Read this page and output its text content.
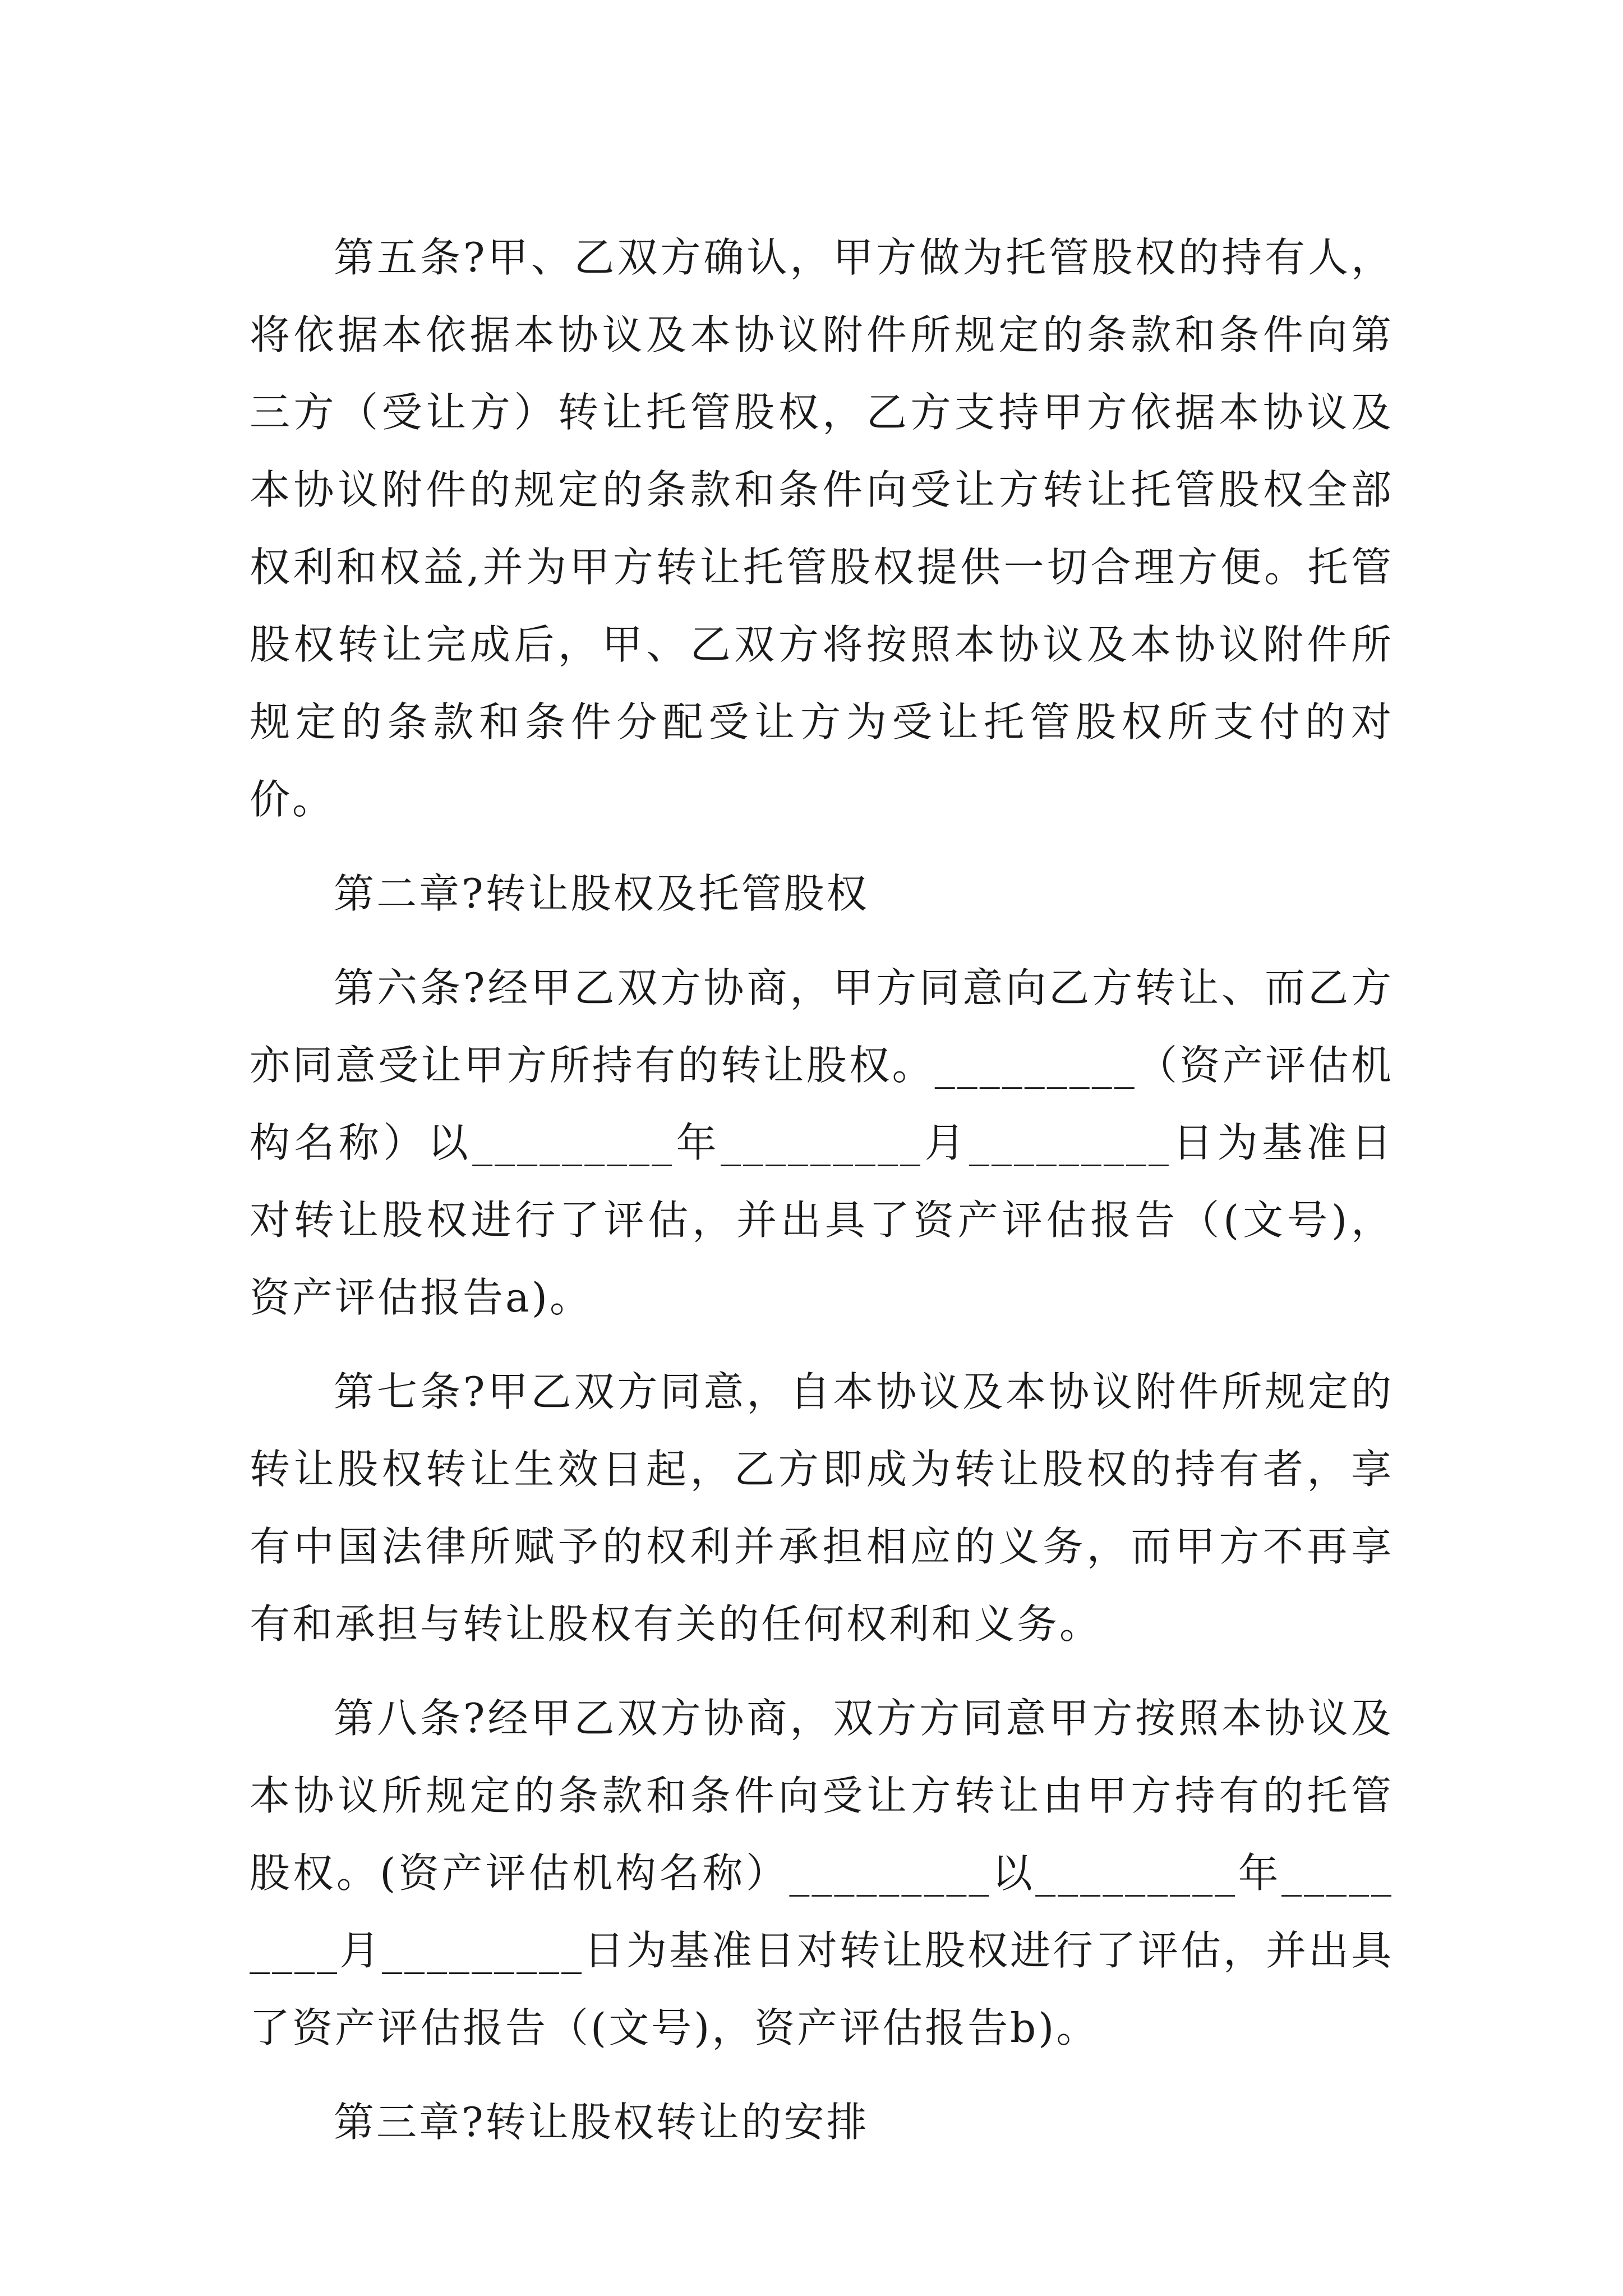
第五条?甲、乙双方确认，甲方做为托管股权的持有人，将依据本依据本协议及本协议附件所规定的条款和条件向第三方（受让方）转让托管股权，乙方支持甲方依据本协议及本协议附件的规定的条款和条件向受让方转让托管股权全部权利和权益,并为甲方转让托管股权提供一切合理方便。托管股权转让完成后，甲、乙双方将按照本协议及本协议附件所规定的条款和条件分配受让方为受让托管股权所支付的对价。

第二章?转让股权及托管股权

第六条?经甲乙双方协商，甲方同意向乙方转让、而乙方亦同意受让甲方所持有的转让股权。_________（资产评估机构名称）以_________年_________月_________日为基准日对转让股权进行了评估，并出具了资产评估报告（(文号)，资产评估报告a)。

第七条?甲乙双方同意，自本协议及本协议附件所规定的转让股权转让生效日起，乙方即成为转让股权的持有者，享有中国法律所赋予的权利并承担相应的义务，而甲方不再享有和承担与转让股权有关的任何权利和义务。

第八条?经甲乙双方协商，双方方同意甲方按照本协议及本协议所规定的条款和条件向受让方转让由甲方持有的托管股权。(资产评估机构名称）_________以_________年_________月_________日为基准日对转让股权进行了评估，并出具了资产评估报告（(文号)，资产评估报告b)。

第三章?转让股权转让的安排
